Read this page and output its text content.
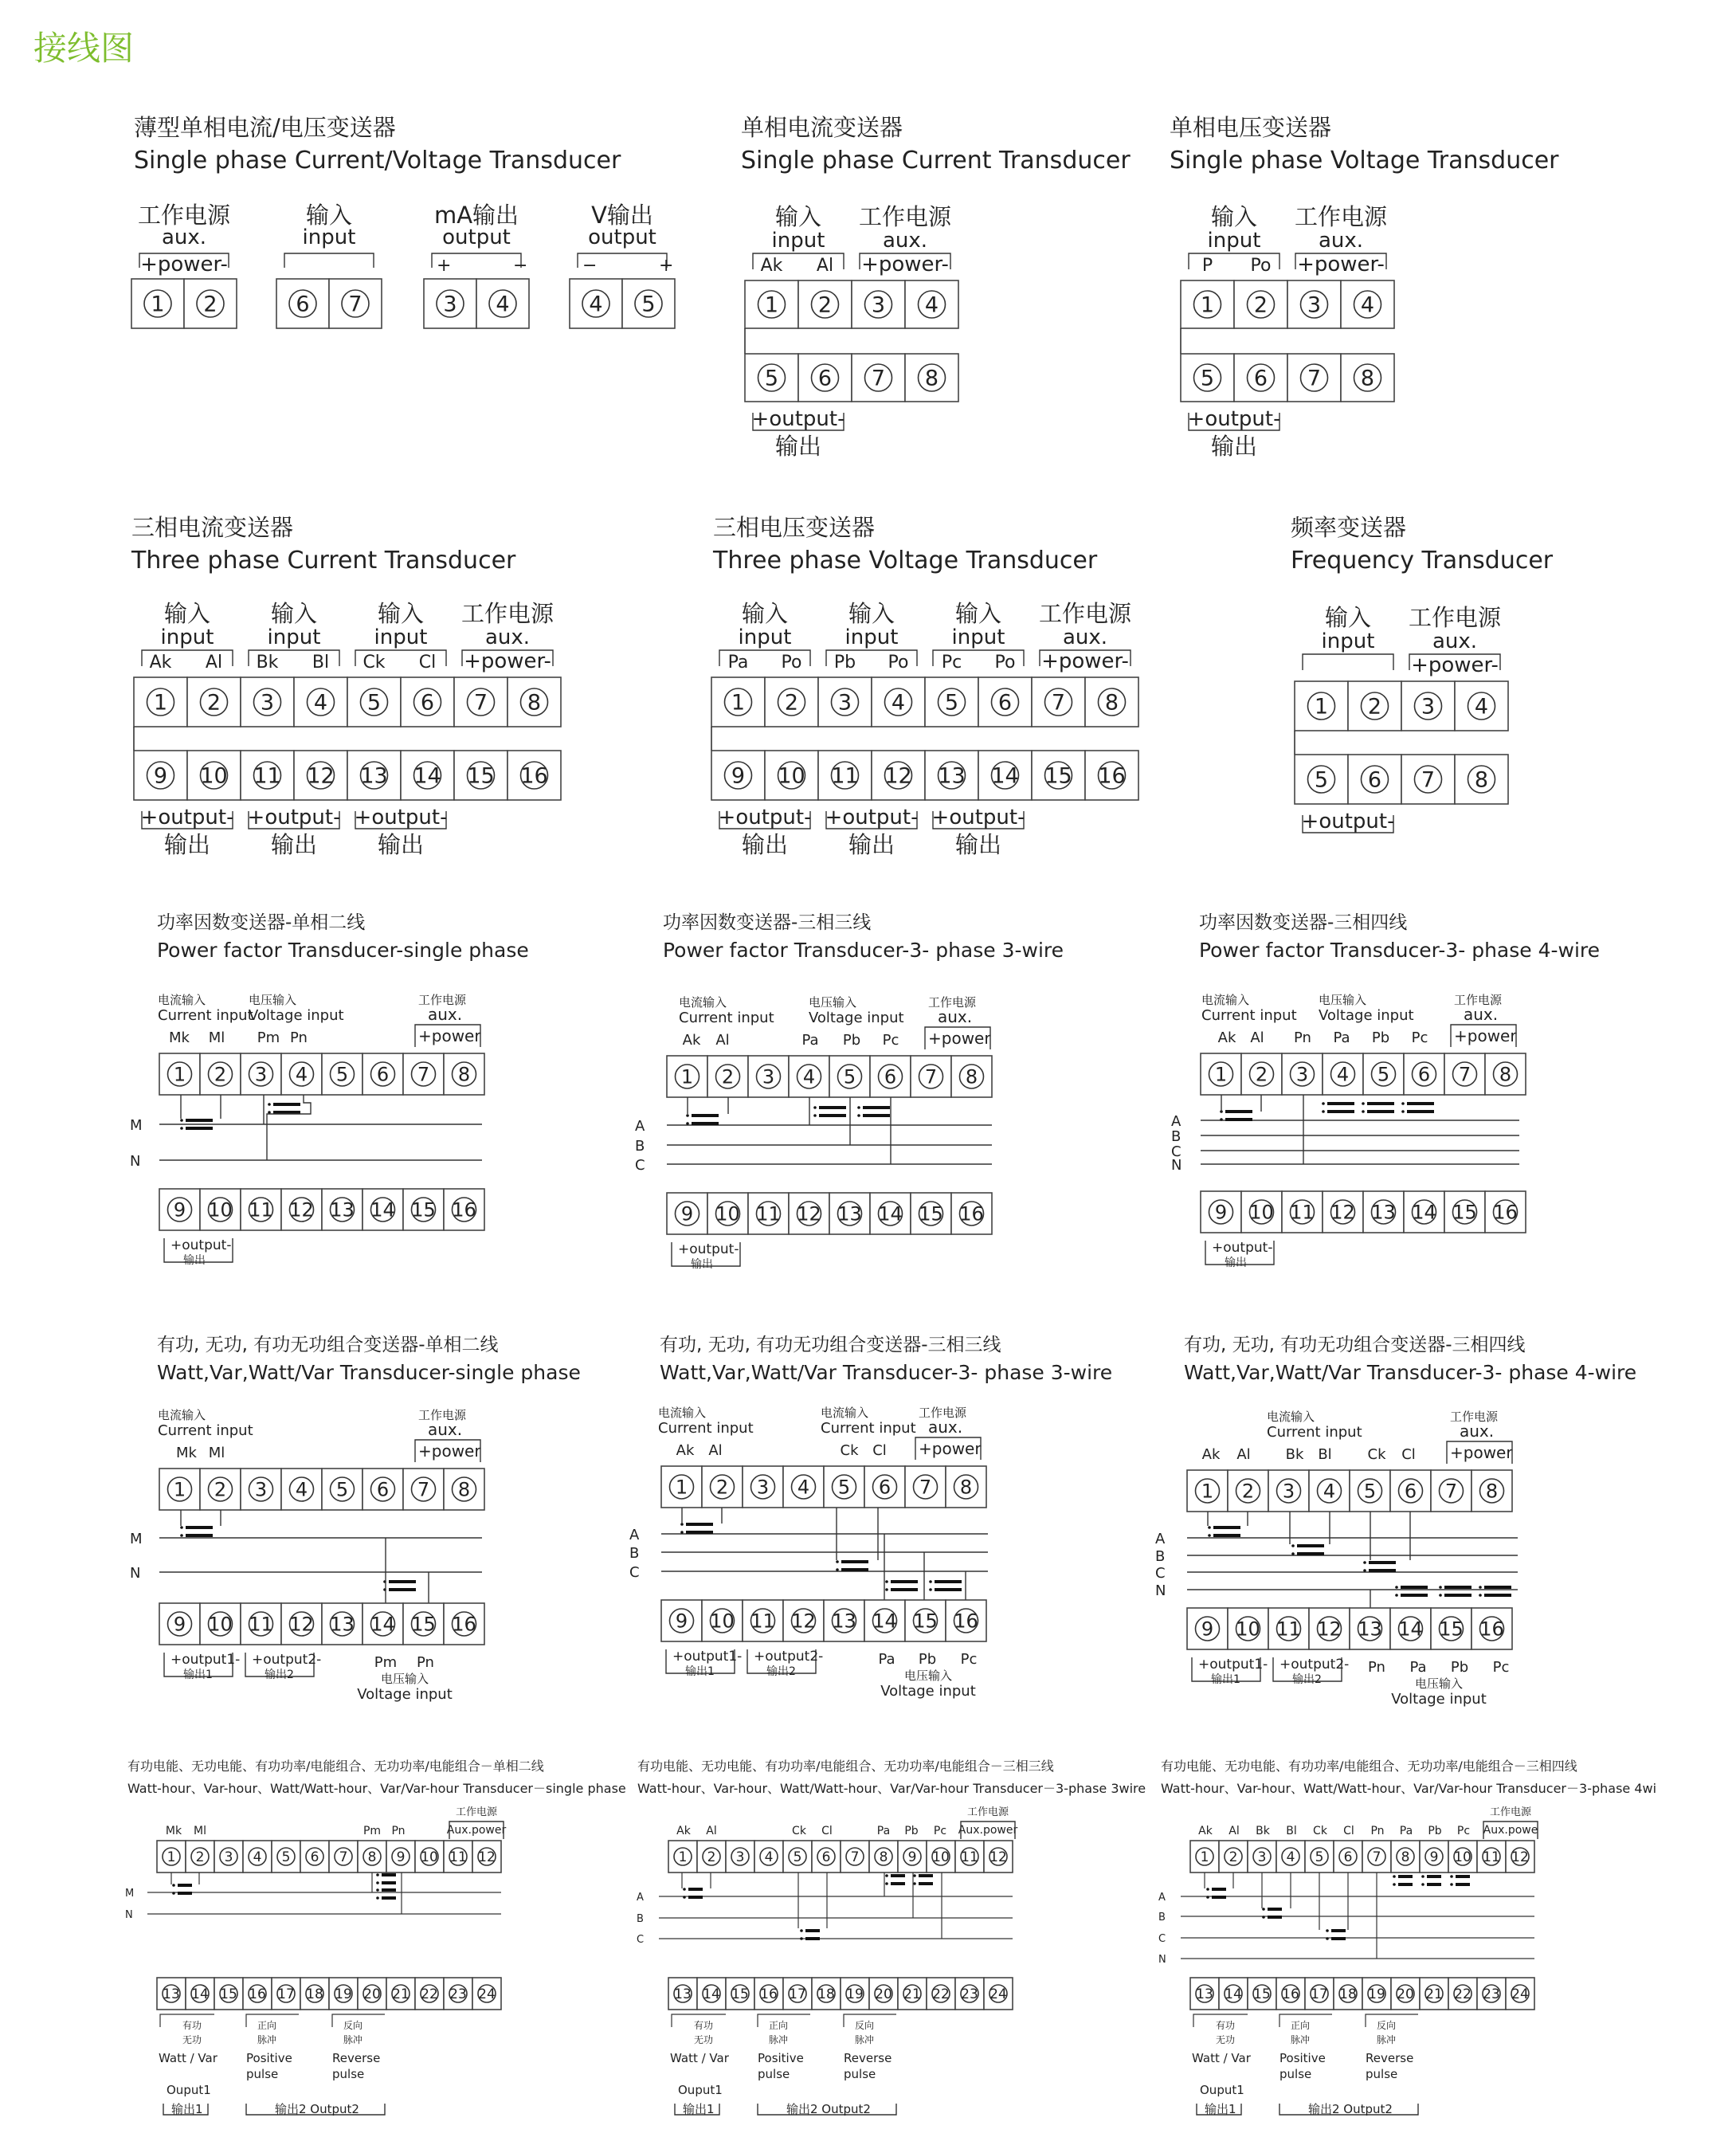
接线图
薄型单相电流/电压变送器
Single phase Current/Voltage Transducer
工作电源
aux.
+power-
1 2
输入
input
6 7
mA输出
output
+	−
3 4
V输出
output
−	+
4 5
单相电流变送器
Single phase Current Transducer
输入
input
Ak Al
工作电源
aux.
+power-
1 2 3 4
5 6 7 8
+output-
输出
单相电压变送器
Single phase Voltage Transducer
输入
input
P Po
工作电源
aux.
+power-
1 2 3 4
5 6 7 8
+output-
输出
三相电流变送器
Three phase Current Transducer
输入
input
Ak Al
输入
input
Bk Bl
输入
input
Ck Cl
工作电源
aux.
+power-
1 2 3 4 5 6 7 8
9 10 11 12 13 14 15 16
+output-
输出
+output-
输出
+output-
输出
三相电压变送器
Three phase Voltage Transducer
输入
input
Pa Po
输入
input
Pb Po
输入
input
Pc Po
工作电源
aux.
+power-
1 2 3 4 5 6 7 8
9 10 11 12 13 14 15 16
+output-
输出
+output-
输出
+output-
输出
频率变送器
Frequency Transducer
输入
input
工作电源
aux.
+power-
1 2 3 4
5 6 7 8
+output-
功率因数变送器-单相二线
Power factor Transducer-single phase
电流输入
Current input
电压输入
Voltage input
工作电源
aux.
+power
Mk Ml Pm Pn
1 2 3 4 5 6 7 8
M
N
9 10 11 12 13 14 15 16
+output-
输出
功率因数变送器-三相三线
Power factor Transducer-3- phase 3-wire
电流输入
Current input
电压输入
Voltage input
工作电源
aux.
+power
Ak Al	Pa Pb Pc
1 2 3 4 5 6 7 8
A
B
C
9 10 11 12 13 14 15 16
+output-
输出
功率因数变送器-三相四线
Power factor Transducer-3- phase 4-wire
电流输入
Current input
电压输入
Voltage input
工作电源
aux.
+power
Ak Al Pn Pa Pb Pc
1 2 3 4 5 6 7 8
A
B
C
N
9 10 11 12 13 14 15 16
+output-
输出
有功, 无功, 有功无功组合变送器-单相二线
Watt,Var,Watt/Var Transducer-single phase
电流输入
Current input
工作电源
aux.
+power
Mk Ml
1 2 3 4 5 6 7 8
M
N
9 10 11 12 13 14 15 16
+output1-
输出1
+output2-
输出2
Pm Pn
电压输入
Voltage input
有功, 无功, 有功无功组合变送器-三相三线
Watt,Var,Watt/Var Transducer-3- phase 3-wire
电流输入
Current input
电流输入
Current input
工作电源
aux.
+power
Ak Al	Ck Cl
1 2 3 4 5 6 7 8
A
B
C
9 10 11 12 13 14 15 16
+output1-
输出1
+output2-
输出2
Pa Pb Pc
电压输入
Voltage input
有功, 无功, 有功无功组合变送器-三相四线
Watt,Var,Watt/Var Transducer-3- phase 4-wire
电流输入
Current input
工作电源
aux.
+power
Ak Al Bk Bl Ck Cl
1 2 3 4 5 6 7 8
A
B
C
N
9 10 11 12 13 14 15 16
+output1-
输出1
+output2-
输出2
Pn Pa Pb Pc
电压输入
Voltage input
有功电能、无功电能、有功功率/电能组合、无功功率/电能组合－单相二线
Watt-hour、Var-hour、Watt/Watt-hour、Var/Var-hour Transducer－single phase
Mk Ml	Pm Pn
工作电源
Aux.power
1 2 3 4 5 6 7 8 9 10 11 12
M
N
13 14 15 16 17 18 19 20 21 22 23 24
有功
无功
Watt / Var
正向
脉冲
Positive
pulse
反向
脉冲
Reverse
pulse
Ouput1
输出1	输出2 Output2
有功电能、无功电能、有功功率/电能组合、无功功率/电能组合－三相三线
Watt-hour、Var-hour、Watt/Watt-hour、Var/Var-hour Transducer－3-phase 3wire
Ak Al	Ck Cl	Pa Pb Pc
工作电源
Aux.power
1 2 3 4 5 6 7 8 9 10 11 12
A
B
C
13 14 15 16 17 18 19 20 21 22 23 24
有功
无功
Watt / Var
正向
脉冲
Positive
pulse
反向
脉冲
Reverse
pulse
Ouput1
输出1	输出2 Output2
有功电能、无功电能、有功功率/电能组合、无功功率/电能组合－三相四线
Watt-hour、Var-hour、Watt/Watt-hour、Var/Var-hour Transducer－3-phase 4wi
Ak Al Bk Bl Ck Cl Pn Pa Pb Pc
工作电源
Aux.powe
1 2 3 4 5 6 7 8 9 10 11 12
A
B
C
N
13 14 15 16 17 18 19 20 21 22 23 24
有功
无功
Watt / Var
正向
脉冲
Positive
pulse
反向
脉冲
Reverse
pulse
Ouput1
输出1	输出2 Output2
